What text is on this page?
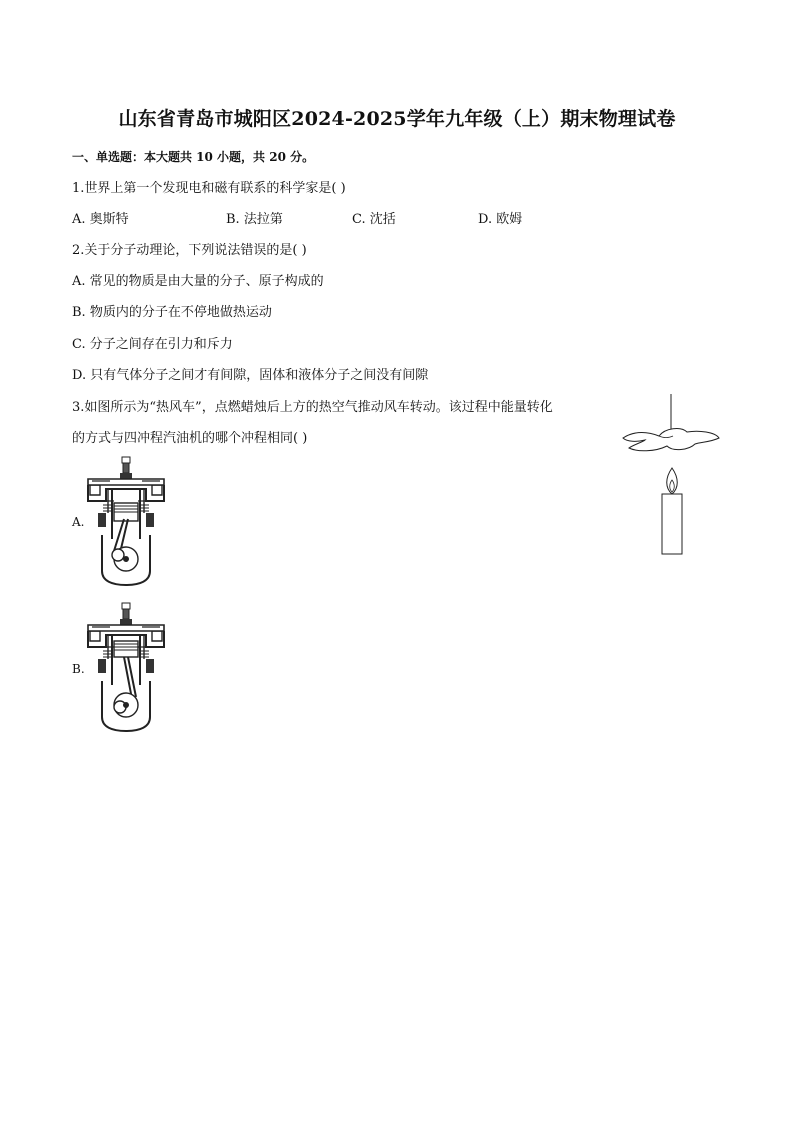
山东省青岛市城阳区2024-2025学年九年级（上）期末物理试卷
一、单选题：本大题共 10 小题，共 20 分。
1.世界上第一个发现电和磁有联系的科学家是( )
A. 奥斯特	B. 法拉第	C. 沈括	D. 欧姆
2.关于分子动理论，下列说法错误的是( )
A. 常见的物质是由大量的分子、原子构成的
B. 物质内的分子在不停地做热运动
C. 分子之间存在引力和斥力
D. 只有气体分子之间才有间隙，固体和液体分子之间没有间隙
3.如图所示为“热风车”，点燃蜡烛后上方的热空气推动风车转动。该过程中能量转化
的方式与四冲程汽油机的哪个冲程相同( )
A.
B.
